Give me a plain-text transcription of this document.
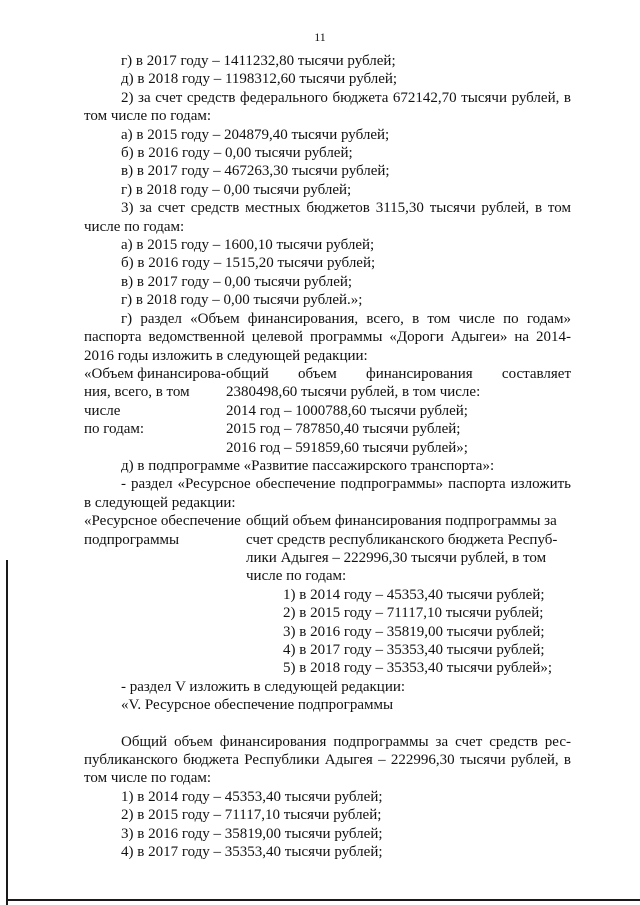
11

г) в 2017 году – 1411232,80 тысячи рублей;

д) в 2018 году – 1198312,60 тысячи рублей;

2) за счет средств федерального бюджета 672142,70 тысячи рублей, в

том числе по годам:

а) в 2015 году – 204879,40 тысячи рублей;

б) в 2016 году – 0,00 тысячи рублей;

в) в 2017 году – 467263,30 тысячи рублей;

г) в 2018 году – 0,00 тысячи рублей;

3) за счет средств местных бюджетов 3115,30 тысячи рублей, в том

числе по годам:

а) в 2015 году – 1600,10 тысячи рублей;

б) в 2016 году – 1515,20 тысячи рублей;

в) в 2017 году – 0,00 тысячи рублей;

г) в 2018 году – 0,00 тысячи рублей.»;

г) раздел «Объем финансирования, всего, в том числе по годам»

паспорта ведомственной целевой программы «Дороги Адыгеи» на 2014-

2016 годы изложить в следующей редакции:

«Объем финансирова-

ния, всего, в том числе

по годам:

общий объем финансирования составляет

2380498,60 тысячи рублей, в том числе:

2014 год – 1000788,60 тысячи рублей;

2015 год – 787850,40 тысячи рублей;

2016 год – 591859,60 тысячи рублей»;

д) в подпрограмме «Развитие пассажирского транспорта»:

- раздел «Ресурсное обеспечение подпрограммы» паспорта изложить

в следующей редакции:

«Ресурсное обеспечение

подпрограммы

общий объем финансирования подпрограммы за

счет средств республиканского бюджета Респуб-

лики Адыгея – 222996,30 тысячи рублей, в том

числе по годам:

1) в 2014 году – 45353,40 тысячи рублей;

2) в 2015 году – 71117,10 тысячи рублей;

3) в 2016 году – 35819,00 тысячи рублей;

4) в 2017 году – 35353,40 тысячи рублей;

5) в 2018 году – 35353,40 тысячи рублей»;

- раздел V изложить в следующей редакции:

«V. Ресурсное обеспечение подпрограммы

Общий объем финансирования подпрограммы за счет средств рес-

публиканского бюджета Республики Адыгея – 222996,30 тысячи рублей, в

том числе по годам:

1) в 2014 году – 45353,40 тысячи рублей;

2) в 2015 году – 71117,10 тысячи рублей;

3) в 2016 году – 35819,00 тысячи рублей;

4) в 2017 году – 35353,40 тысячи рублей;
